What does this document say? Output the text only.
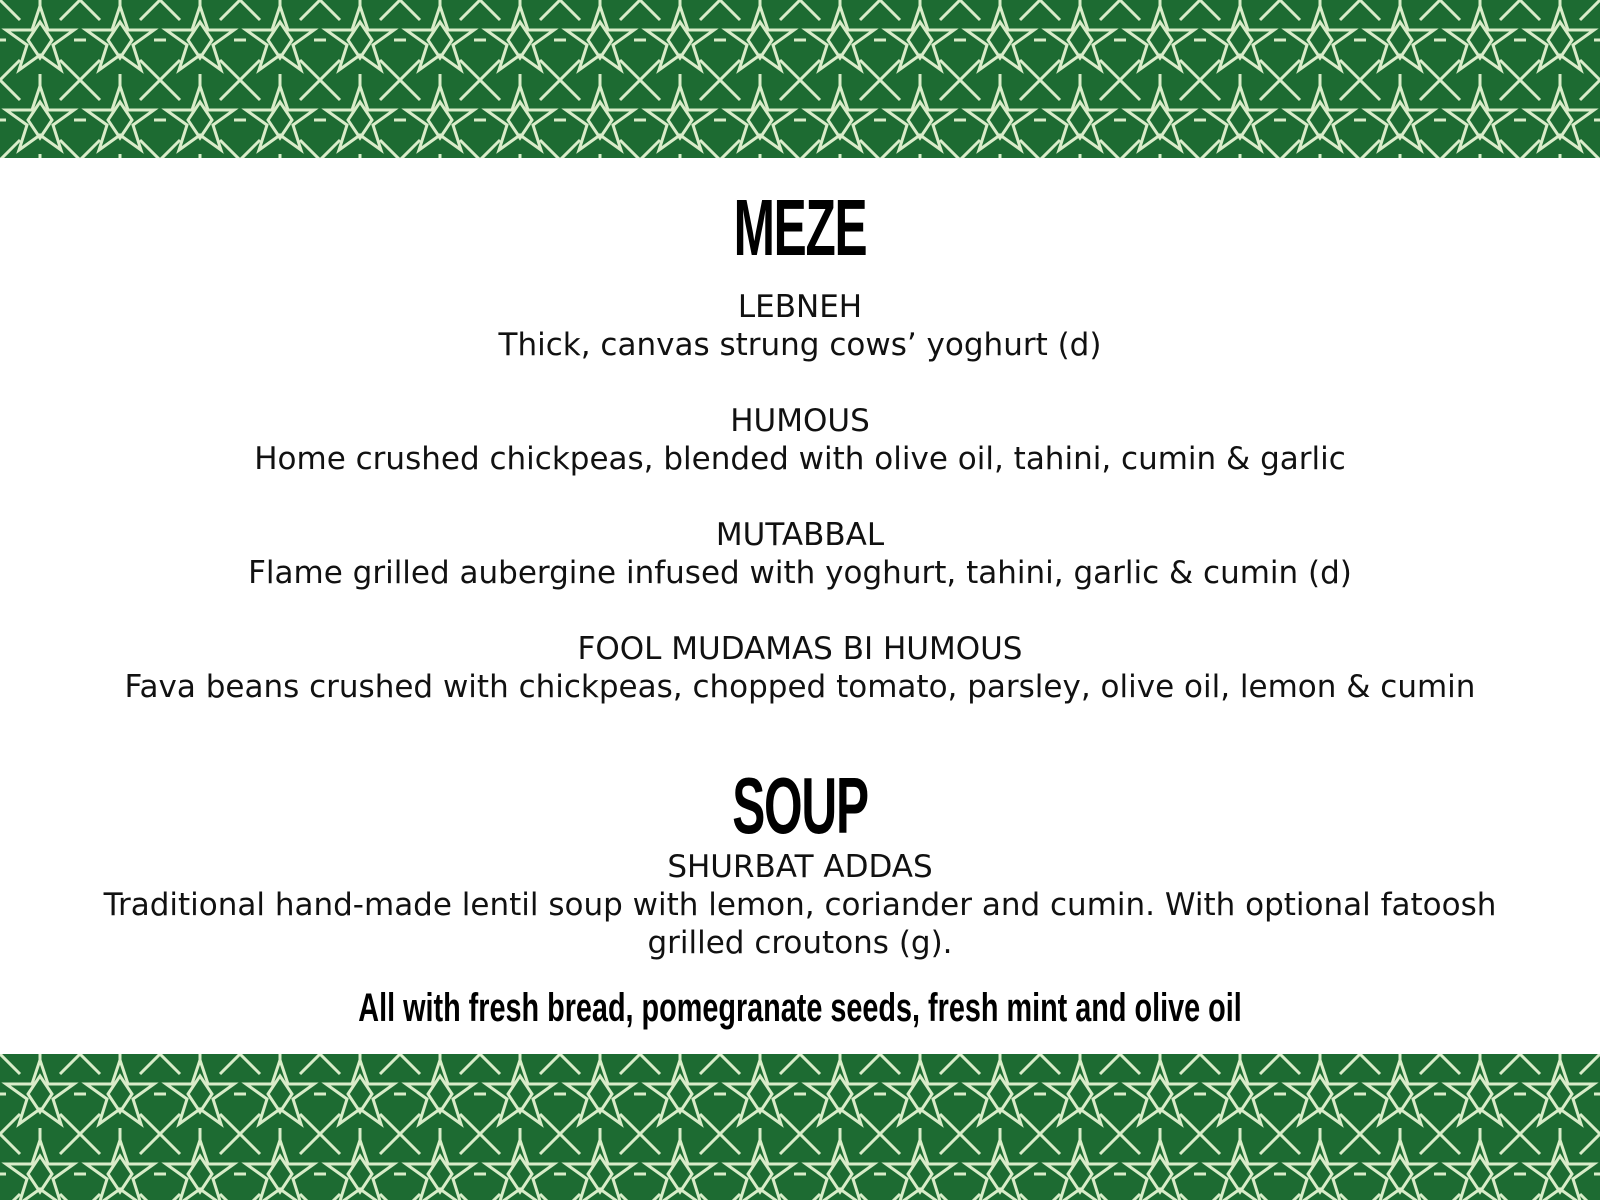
MEZE
LEBNEH
Thick, canvas strung cows’ yoghurt (d)
HUMOUS
Home crushed chickpeas, blended with olive oil, tahini, cumin & garlic
MUTABBAL
Flame grilled aubergine infused with yoghurt, tahini, garlic & cumin (d)
FOOL MUDAMAS BI HUMOUS
Fava beans crushed with chickpeas, chopped tomato, parsley, olive oil, lemon & cumin
SOUP
SHURBAT ADDAS
Traditional hand-made lentil soup with lemon, coriander and cumin. With optional fatoosh grilled croutons (g).
All with fresh bread, pomegranate seeds, fresh mint and olive oil
